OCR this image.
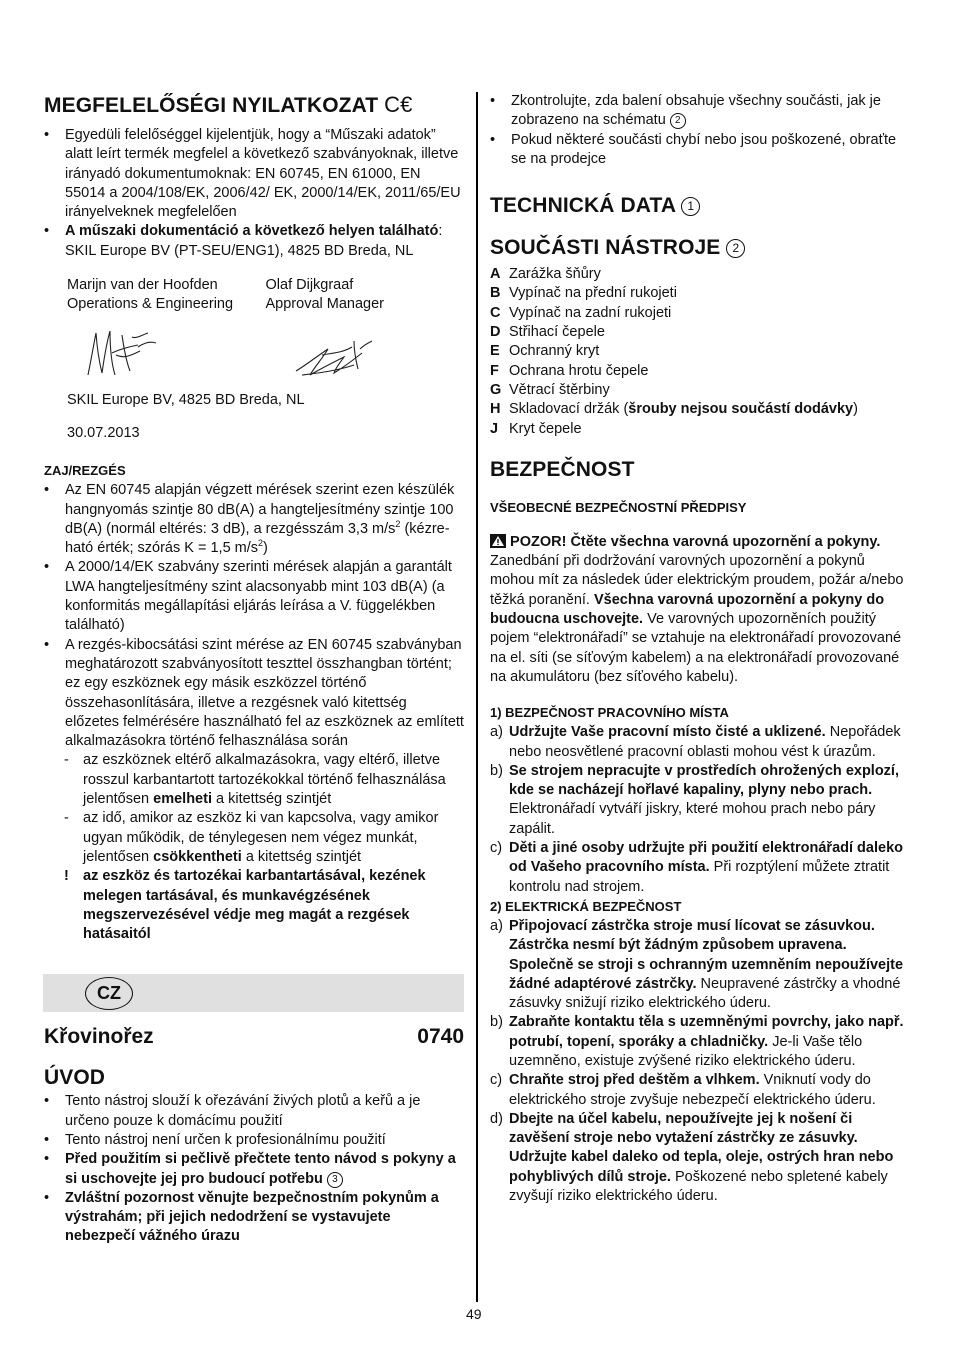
MEGFELELŐSÉGI NYILATKOZAT C€
• Egyedüli felelőséggel kijelentjük, hogy a “Műszaki adatok” alatt leírt termék megfelel a következő szabványoknak, illetve irányadó dokumentumoknak: EN 60745, EN 61000, EN 55014 a 2004/108/EK, 2006/42/ EK, 2000/14/EK, 2011/65/EU irányelveknek megfelelően
• A műszaki dokumentáció a következő helyen található: SKIL Europe BV (PT-SEU/ENG1), 4825 BD Breda, NL
Marijn van der Hoofden
Operations & Engineering
Olaf Dijkgraaf
Approval Manager
SKIL Europe BV, 4825 BD Breda, NL
30.07.2013
ZAJ/REZGÉS
• Az EN 60745 alapján végzett mérések szerint ezen készülék hangnyomás szintje 80 dB(A) a hangteljesítmény szintje 100 dB(A) (normál eltérés: 3 dB), a rezgésszám 3,3 $m/s^2$ (kézre-ható érték; szórás K = 1,5 $m/s^2$)
• A 2000/14/EK szabvány szerinti mérések alapján a garantált LWA hangteljesítmény szint alacsonyabb mint 103 dB(A) (a konformitás megállapítási eljárás leírása a V. függelékben található)
• A rezgés-kibocsátási szint mérése az EN 60745 szabványban meghatározott szabványosított teszttel összhangban történt; ez egy eszköznek egy másik eszközzel történő összehasonlítására, illetve a rezgésnek való kitettség előzetes felmérésére használható fel az eszköznek az említett alkalmazásokra történő felhasználása során
- az eszköznek eltérő alkalmazásokra, vagy eltérő, illetve rosszul karbantartott tartozékokkal történő felhasználása jelentősen emelheti a kitettség szintjét
- az idő, amikor az eszköz ki van kapcsolva, vagy amikor ugyan működik, de ténylegesen nem végez munkát, jelentősen csökkentheti a kitettség szintjét
! az eszköz és tartozékai karbantartásával, kezének melegen tartásával, és munkavégzésének megszervezésével védje meg magát a rezgések hatásaitól
CZ
Křovinořez	0740
ÚVOD
• Tento nástroj slouží k ořezávání živých plotů a keřů a je určeno pouze k domácímu použití
• Tento nástroj není určen k profesionálnímu použití
• Před použitím si pečlivě přečtete tento návod s pokyny a si uschovejte jej pro budoucí potřebu 3
• Zvláštní pozornost věnujte bezpečnostním pokynům a výstrahám; při jejich nedodržení se vystavujete nebezpečí vážného úrazu
• Zkontrolujte, zda balení obsahuje všechny součásti, jak je zobrazeno na schématu 2
• Pokud některé součásti chybí nebo jsou poškozené, obraťte se na prodejce
TECHNICKÁ DATA 1
SOUČÁSTI NÁSTROJE 2
A Zarážka šňůry
B Vypínač na přední rukojeti
C Vypínač na zadní rukojeti
D Střihací čepele
E Ochranný kryt
F Ochrana hrotu čepele
G Větrací štěrbiny
H Skladovací držák (šrouby nejsou součástí dodávky)
J Kryt čepele
BEZPEČNOST
VŠEOBECNÉ BEZPEČNOSTNÍ PŘEDPISY
POZOR! Čtěte všechna varovná upozornění a pokyny. Zanedbání při dodržování varovných upozornění a pokynů mohou mít za následek úder elektrickým proudem, požár a/nebo těžká poranění. Všechna varovná upozornění a pokyny do budoucna uschovejte. Ve varovných upozorněních použitý pojem “elektronářadí” se vztahuje na elektronářadí provozované na el. síti (se síťovým kabelem) a na elektronářadí provozované na akumulátoru (bez síťového kabelu).
1) BEZPEČNOST PRACOVNÍHO MÍSTA
a) Udržujte Vaše pracovní místo čisté a uklizené. Nepořádek nebo neosvětlené pracovní oblasti mohou vést k úrazům.
b) Se strojem nepracujte v prostředích ohrožených explozí, kde se nacházejí hořlavé kapaliny, plyny nebo prach. Elektronářadí vytváří jiskry, které mohou prach nebo páry zapálit.
c) Děti a jiné osoby udržujte při použití elektronářadí daleko od Vašeho pracovního místa. Při rozptýlení můžete ztratit kontrolu nad strojem.
2) ELEKTRICKÁ BEZPEČNOST
a) Připojovací zástrčka stroje musí lícovat se zásuvkou. Zástrčka nesmí být žádným způsobem upravena. Společně se stroji s ochranným uzemněním nepoužívejte žádné adaptérové zástrčky. Neupravené zástrčky a vhodné zásuvky snižují riziko elektrického úderu.
b) Zabraňte kontaktu těla s uzemněnými povrchy, jako např. potrubí, topení, sporáky a chladničky. Je-li Vaše tělo uzemněno, existuje zvýšené riziko elektrického úderu.
c) Chraňte stroj před deštěm a vlhkem. Vniknutí vody do elektrického stroje zvyšuje nebezpečí elektrického úderu.
d) Dbejte na účel kabelu, nepoužívejte jej k nošení či zavěšení stroje nebo vytažení zástrčky ze zásuvky. Udržujte kabel daleko od tepla, oleje, ostrých hran nebo pohyblivých dílů stroje. Poškozené nebo spletené kabely zvyšují riziko elektrického úderu.
49
